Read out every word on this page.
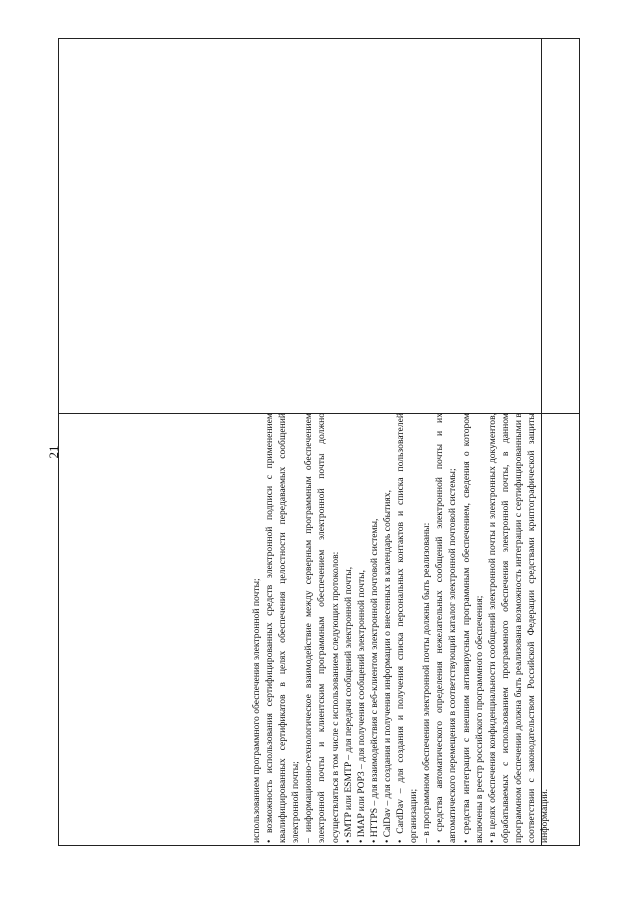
21

использованием программного обеспечения электронной почты; • возможность использования сертифицированных средств электронной подписи с применением квалифицированных сертификатов в целях обеспечения целостности передаваемых сообщений электронной почты; – информационно-технологическое взаимодействие между серверным программным обеспечением электронной почты и клиентским программным обеспечением электронной почты должно осуществляться в том числе с использованием следующих протоколов: • SMTP или ESMTP – для передачи сообщений электронной почты, • IMAP или POP3 – для получения сообщений электронной почты, • HTTPS – для взаимодействия с веб-клиентом электронной почтовой системы, • CalDav – для создания и получения информации о внесенных в календарь событиях, • CardDav – для создания и получения списка персональных контактов и списка пользователей организации; – в программном обеспечении электронной почты должны быть реализованы: • средства автоматического определения нежелательных сообщений электронной почты и их автоматического перемещения в соответствующий каталог электронной почтовой системы; • средства интеграции с внешним антивирусным программным обеспечением, сведения о котором включены в реестр российского программного обеспечения; • в целях обеспечения конфиденциальности сообщений электронной почты и электронных документов, обрабатываемых с использованием программного обеспечения электронной почты, в данном программном обеспечении должна быть реализована возможность интеграции с сертифицированными в соответствии с законодательством Российской Федерации средствами криптографической защиты информации.
